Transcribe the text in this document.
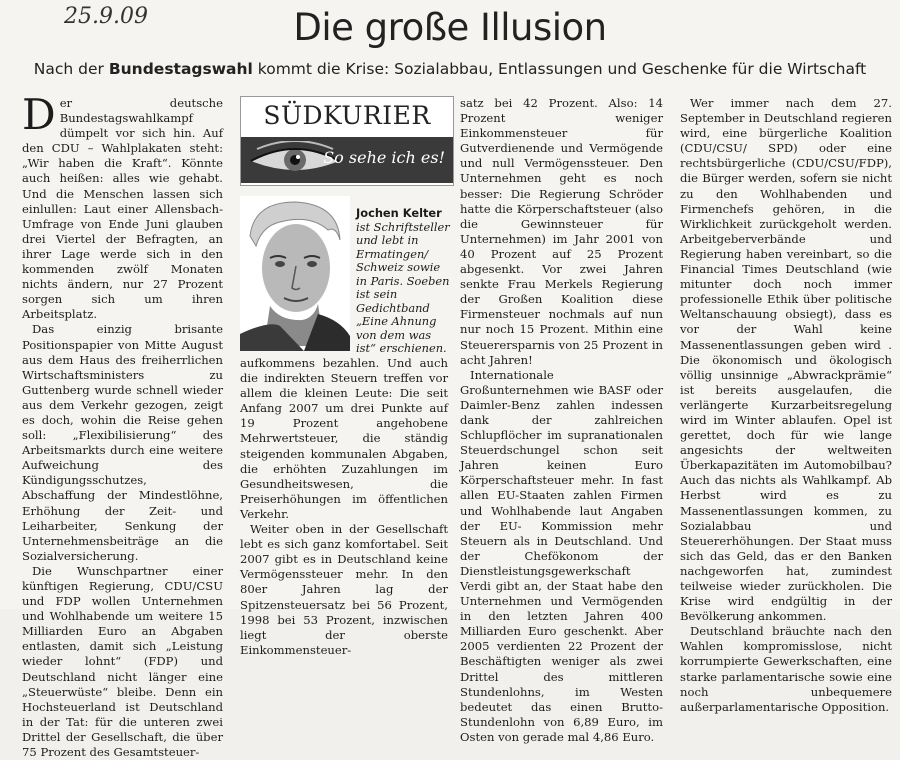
25.9.09	Die große Illusion
Nach der Bundestagswahl kommt die Krise: Sozialabbau, Entlassungen und Geschenke für die Wirtschaft

Der deutsche Bundestagswahlkampf dümpelt vor sich hin. Auf den CDU – Wahlplakaten steht: „Wir haben die Kraft“. Könnte auch heißen: alles wie gehabt. Und die Menschen lassen sich einlullen: Laut einer Allensbach-Umfrage von Ende Juni glauben drei Viertel der Befragten, an ihrer Lage werde sich in den kommenden zwölf Monaten nichts ändern, nur 27 Prozent sorgen sich um ihren Arbeitsplatz.

Das einzig brisante Positionspapier von Mitte August aus dem Haus des freiherrlichen Wirtschaftsministers zu Guttenberg wurde schnell wieder aus dem Verkehr gezogen, zeigt es doch, wohin die Reise gehen soll: „Flexibilisierung“ des Arbeitsmarkts durch eine weitere Aufweichung des Kündigungsschutzes, Abschaffung der Mindestlöhne, Erhöhung der Zeit- und Leiharbeiter, Senkung der Unternehmensbeiträge an die Sozialversicherung.

Die Wunschpartner einer künftigen Regierung, CDU/CSU und FDP wollen Unternehmen und Wohlhabende um weitere 15 Milliarden Euro an Abgaben entlasten, damit sich „Leistung wieder lohnt“ (FDP) und Deutschland nicht länger eine „Steuerwüste“ bleibe. Denn ein Hochsteuerland ist Deutschland in der Tat: für die unteren zwei Drittel der Gesellschaft, die über 75 Prozent des Gesamtsteuer-

SÜDKURIER
So sehe ich es!
Jochen Kelter ist Schriftsteller und lebt in Ermatingen/ Schweiz sowie in Paris. Soeben ist sein Gedichtband „Eine Ahnung von dem was ist“ erschienen.

aufkommens bezahlen. Und auch die indirekten Steuern treffen vor allem die kleinen Leute: Die seit Anfang 2007 um drei Punkte auf 19 Prozent angehobene Mehrwertsteuer, die ständig steigenden kommunalen Abgaben, die erhöhten Zuzahlungen im Gesundheitswesen, die Preiserhöhungen im öffentlichen Verkehr.

Weiter oben in der Gesellschaft lebt es sich ganz komfortabel. Seit 2007 gibt es in Deutschland keine Vermögenssteuer mehr. In den 80er Jahren lag der Spitzensteuersatz bei 56 Prozent, 1998 bei 53 Prozent, inzwischen liegt der oberste Einkommensteuer-

satz bei 42 Prozent. Also: 14 Prozent weniger Einkommensteuer für Gutverdienende und Vermögende und null Vermögenssteuer. Den Unternehmen geht es noch besser: Die Regierung Schröder hatte die Körperschaftsteuer (also die Gewinnsteuer für Unternehmen) im Jahr 2001 von 40 Prozent auf 25 Prozent abgesenkt. Vor zwei Jahren senkte Frau Merkels Regierung der Großen Koalition diese Firmensteuer nochmals auf nun nur noch 15 Prozent. Mithin eine Steuerersparnis von 25 Prozent in acht Jahren!

Internationale Großunternehmen wie BASF oder Daimler-Benz zahlen indessen dank der zahlreichen Schlupflöcher im supranationalen Steuerdschungel schon seit Jahren keinen Euro Körperschaftsteuer mehr. In fast allen EU-Staaten zahlen Firmen und Wohlhabende laut Angaben der EU- Kommission mehr Steuern als in Deutschland. Und der Chefökonom der Dienstleistungsgewerkschaft Verdi gibt an, der Staat habe den Unternehmen und Vermögenden in den letzten Jahren 400 Milliarden Euro geschenkt. Aber 2005 verdienten 22 Prozent der Beschäftigten weniger als zwei Drittel des mittleren Stundenlohns, im Westen bedeutet das einen Brutto-Stundenlohn von 6,89 Euro, im Osten von gerade mal 4,86 Euro.

Wer immer nach dem 27. September in Deutschland regieren wird, eine bürgerliche Koalition (CDU/CSU/ SPD) oder eine rechtsbürgerliche (CDU/CSU/FDP), die Bürger werden, sofern sie nicht zu den Wohlhabenden und Firmenchefs gehören, in die Wirklichkeit zurückgeholt werden. Arbeitgeberverbände und Regierung haben vereinbart, so die Financial Times Deutschland (wie mitunter doch noch immer professionelle Ethik über politische Weltanschauung obsiegt), dass es vor der Wahl keine Massenentlassungen geben wird . Die ökonomisch und ökologisch völlig unsinnige „Abwrackprämie“ ist bereits ausgelaufen, die verlängerte Kurzarbeitsregelung wird im Winter ablaufen. Opel ist gerettet, doch für wie lange angesichts der weltweiten Überkapazitäten im Automobilbau? Auch das nichts als Wahlkampf. Ab Herbst wird es zu Massenentlassungen kommen, zu Sozialabbau und Steuererhöhungen. Der Staat muss sich das Geld, das er den Banken nachgeworfen hat, zumindest teilweise wieder zurückholen. Die Krise wird endgültig in der Bevölkerung ankommen.

Deutschland bräuchte nach den Wahlen kompromisslose, nicht korrumpierte Gewerkschaften, eine starke parlamentarische sowie eine noch unbequemere außerparlamentarische Opposition.
